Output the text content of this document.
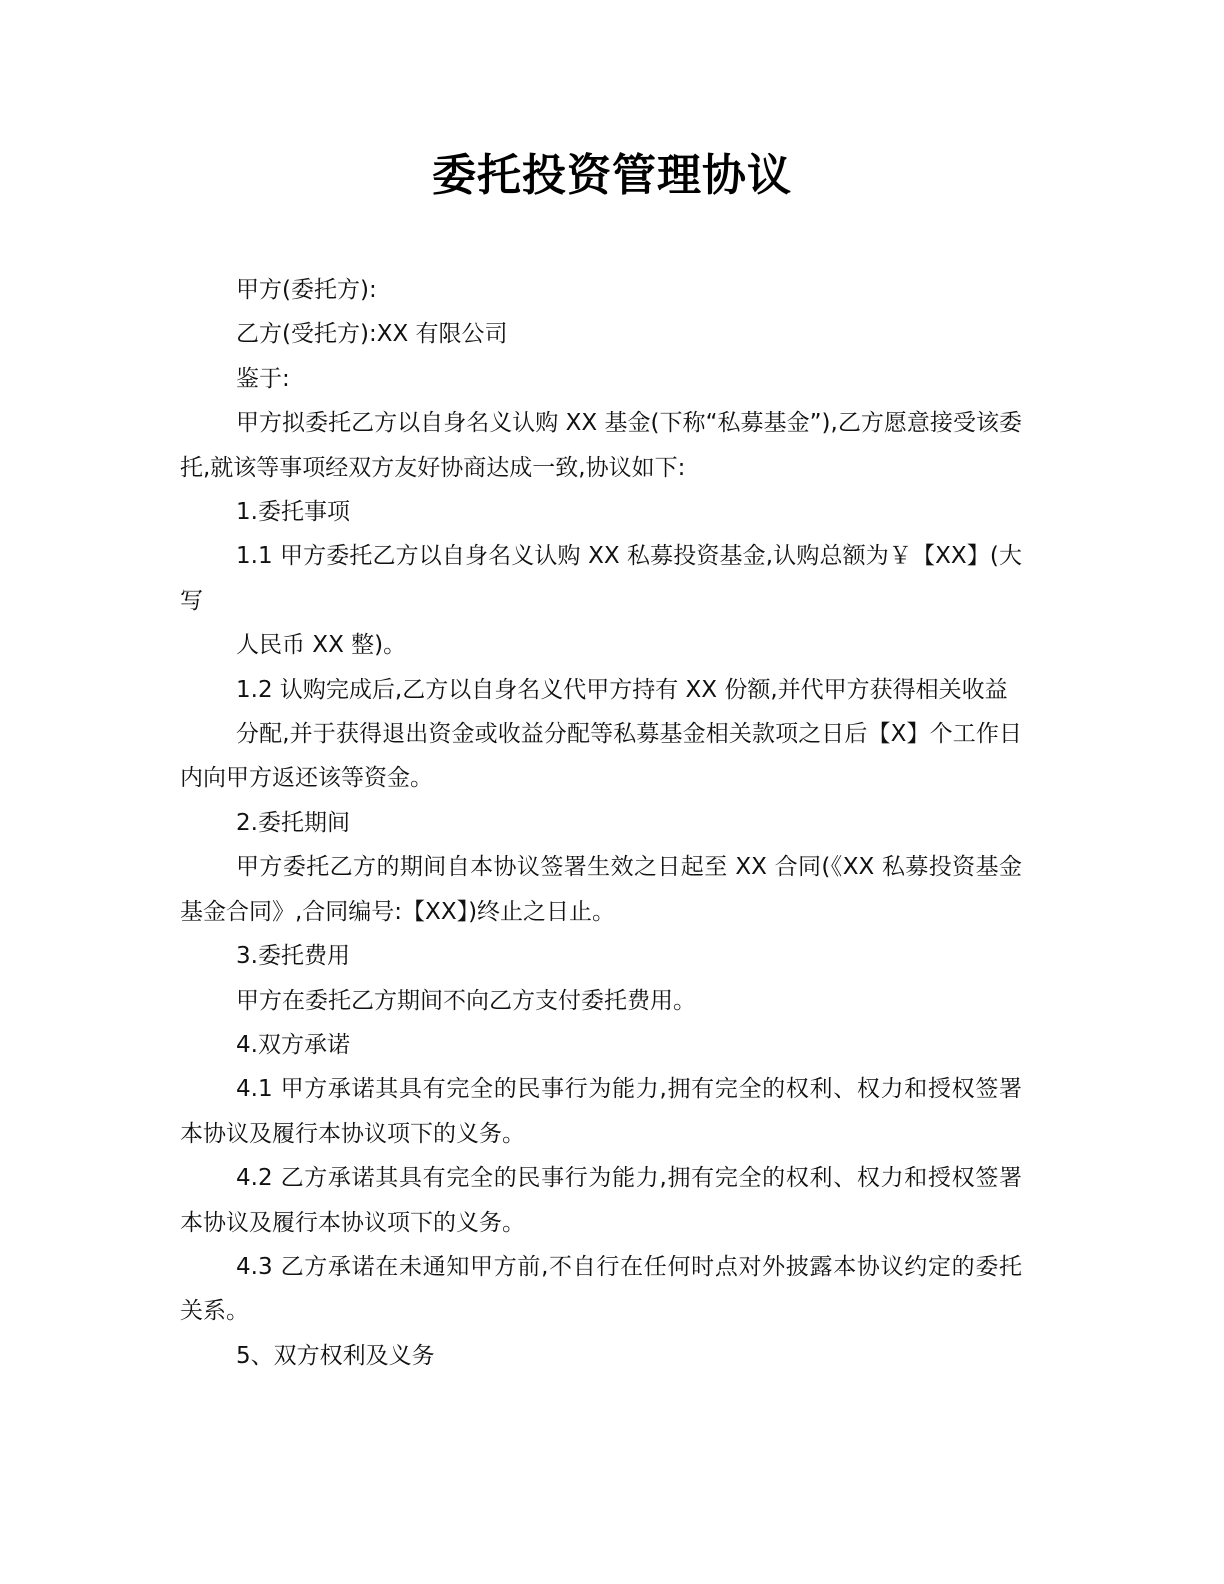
委托投资管理协议

甲方(委托方):

乙方(受托方):XX 有限公司

鉴于:

甲方拟委托乙方以自身名义认购 XX 基金(下称“私募基金”),乙方愿意接受该委托,就该等事项经双方友好协商达成一致,协议如下:

1.委托事项

1.1 甲方委托乙方以自身名义认购 XX 私募投资基金,认购总额为￥【XX】(大写

人民币 XX 整)。

1.2 认购完成后,乙方以自身名义代甲方持有 XX 份额,并代甲方获得相关收益

分配,并于获得退出资金或收益分配等私募基金相关款项之日后【X】个工作日内向甲方返还该等资金。

2.委托期间

甲方委托乙方的期间自本协议签署生效之日起至 XX 合同(《XX 私募投资基金基金合同》,合同编号:【XX】)终止之日止。

3.委托费用

甲方在委托乙方期间不向乙方支付委托费用。

4.双方承诺

4.1 甲方承诺其具有完全的民事行为能力,拥有完全的权利、权力和授权签署本协议及履行本协议项下的义务。

4.2 乙方承诺其具有完全的民事行为能力,拥有完全的权利、权力和授权签署本协议及履行本协议项下的义务。

4.3 乙方承诺在未通知甲方前,不自行在任何时点对外披露本协议约定的委托关系。

5、双方权利及义务
